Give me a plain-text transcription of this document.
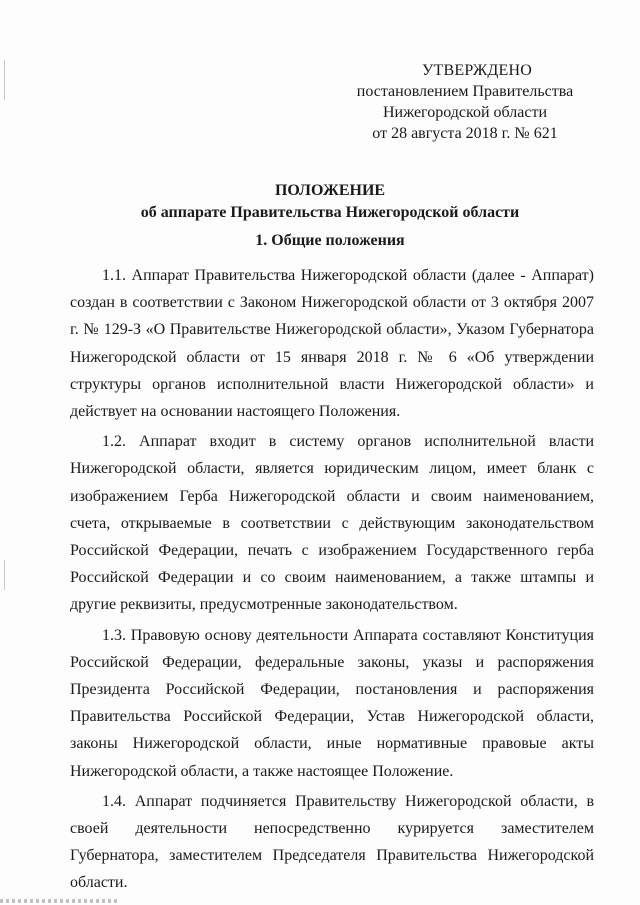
УТВЕРЖДЕНО
постановлением Правительства
Нижегородской области
от 28 августа 2018 г. № 621
ПОЛОЖЕНИЕ
об аппарате Правительства Нижегородской области
1. Общие положения

1.1. Аппарат Правительства Нижегородской области (далее - Аппарат) создан в соответствии с Законом Нижегородской области от 3 октября 2007 г. № 129-З «О Правительстве Нижегородской области», Указом Губернатора Нижегородской области от 15 января 2018 г. № 6 «Об утверждении структуры органов исполнительной власти Нижегородской области» и действует на основании настоящего Положения.

1.2. Аппарат входит в систему органов исполнительной власти Нижегородской области, является юридическим лицом, имеет бланк с изображением Герба Нижегородской области и своим наименованием, счета, открываемые в соответствии с действующим законодательством Российской Федерации, печать с изображением Государственного герба Российской Федерации и со своим наименованием, а также штампы и другие реквизиты, предусмотренные законодательством.

1.3. Правовую основу деятельности Аппарата составляют Конституция Российской Федерации, федеральные законы, указы и распоряжения Президента Российской Федерации, постановления и распоряжения Правительства Российской Федерации, Устав Нижегородской области, законы Нижегородской области, иные нормативные правовые акты Нижегородской области, а также настоящее Положение.

1.4. Аппарат подчиняется Правительству Нижегородской области, в своей деятельности непосредственно курируется заместителем Губернатора, заместителем Председателя Правительства Нижегородской области.
